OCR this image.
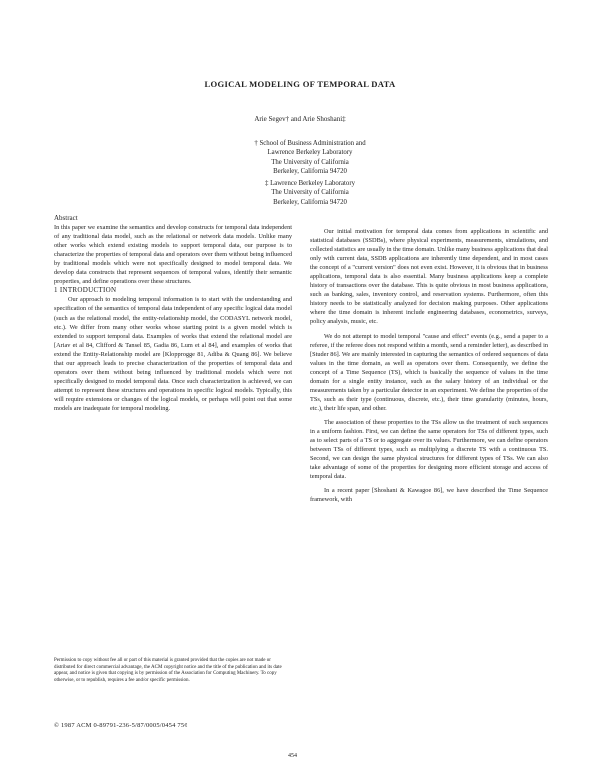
LOGICAL MODELING OF TEMPORAL DATA
Arie Segev† and Arie Shoshani‡
† School of Business Administration and
Lawrence Berkeley Laboratory
The University of California
Berkeley, California 94720
‡ Lawrence Berkeley Laboratory
The University of California
Berkeley, California 94720

Abstract

In this paper we examine the semantics and develop constructs for temporal data independent of any traditional data model, such as the relational or network data models. Unlike many other works which extend existing models to support temporal data, our purpose is to characterize the properties of temporal data and operators over them without being influenced by traditional models which were not specifically designed to model temporal data. We develop data constructs that represent sequences of temporal values, identify their semantic properties, and define operations over these structures.

1 INTRODUCTION

Our approach to modeling temporal information is to start with the understanding and specification of the semantics of temporal data independent of any specific logical data model (such as the relational model, the entity-relationship model, the CODASYL network model, etc.). We differ from many other works whose starting point is a given model which is extended to support temporal data. Examples of works that extend the relational model are [Ariav et al 84, Clifford & Tansel 85, Gadia 86, Lum et al 84], and examples of works that extend the Entity-Relationship model are [Klopprogge 81, Adiba & Quang 86]. We believe that our approach leads to precise characterization of the properties of temporal data and operators over them without being influenced by traditional models which were not specifically designed to model temporal data. Once such characterization is achieved, we can attempt to represent these structures and operations in specific logical models. Typically, this will require extensions or changes of the logical models, or perhaps will point out that some models are inadequate for temporal modeling.

Permission to copy without fee all or part of this material is granted provided that the copies are not made or distributed for direct commercial advantage, the ACM copyright notice and the title of the publication and its date appear, and notice is given that copying is by permission of the Association for Computing Machinery. To copy otherwise, or to republish, requires a fee and/or specific permission.

© 1987 ACM 0-89791-236-5/87/0005/0454 75¢

Our initial motivation for temporal data comes from applications in scientific and statistical databases (SSDBs), where physical experiments, measurements, simulations, and collected statistics are usually in the time domain. Unlike many business applications that deal only with current data, SSDB applications are inherently time dependent, and in most cases the concept of a "current version" does not even exist. However, it is obvious that in business applications, temporal data is also essential. Many business applications keep a complete history of transactions over the database. This is quite obvious in most business applications, such as banking, sales, inventory control, and reservation systems. Furthermore, often this history needs to be statistically analyzed for decision making purposes. Other applications where the time domain is inherent include engineering databases, econometrics, surveys, policy analysis, music, etc.

We do not attempt to model temporal "cause and effect" events (e.g., send a paper to a referee, if the referee does not respond within a month, send a reminder letter), as described in [Studer 86]. We are mainly interested in capturing the semantics of ordered sequences of data values in the time domain, as well as operators over them. Consequently, we define the concept of a Time Sequence (TS), which is basically the sequence of values in the time domain for a single entity instance, such as the salary history of an individual or the measurements taken by a particular detector in an experiment. We define the properties of the TSs, such as their type (continuous, discrete, etc.), their time granularity (minutes, hours, etc.), their life span, and other.

The association of these properties to the TSs allow us the treatment of such sequences in a uniform fashion. First, we can define the same operators for TSs of different types, such as to select parts of a TS or to aggregate over its values. Furthermore, we can define operators between TSs of different types, such as multiplying a discrete TS with a continuous TS. Second, we can design the same physical structures for different types of TSs. We can also take advantage of some of the properties for designing more efficient storage and access of temporal data.

In a recent paper [Shoshani & Kawagoe 86], we have described the Time Sequence framework, with

454
